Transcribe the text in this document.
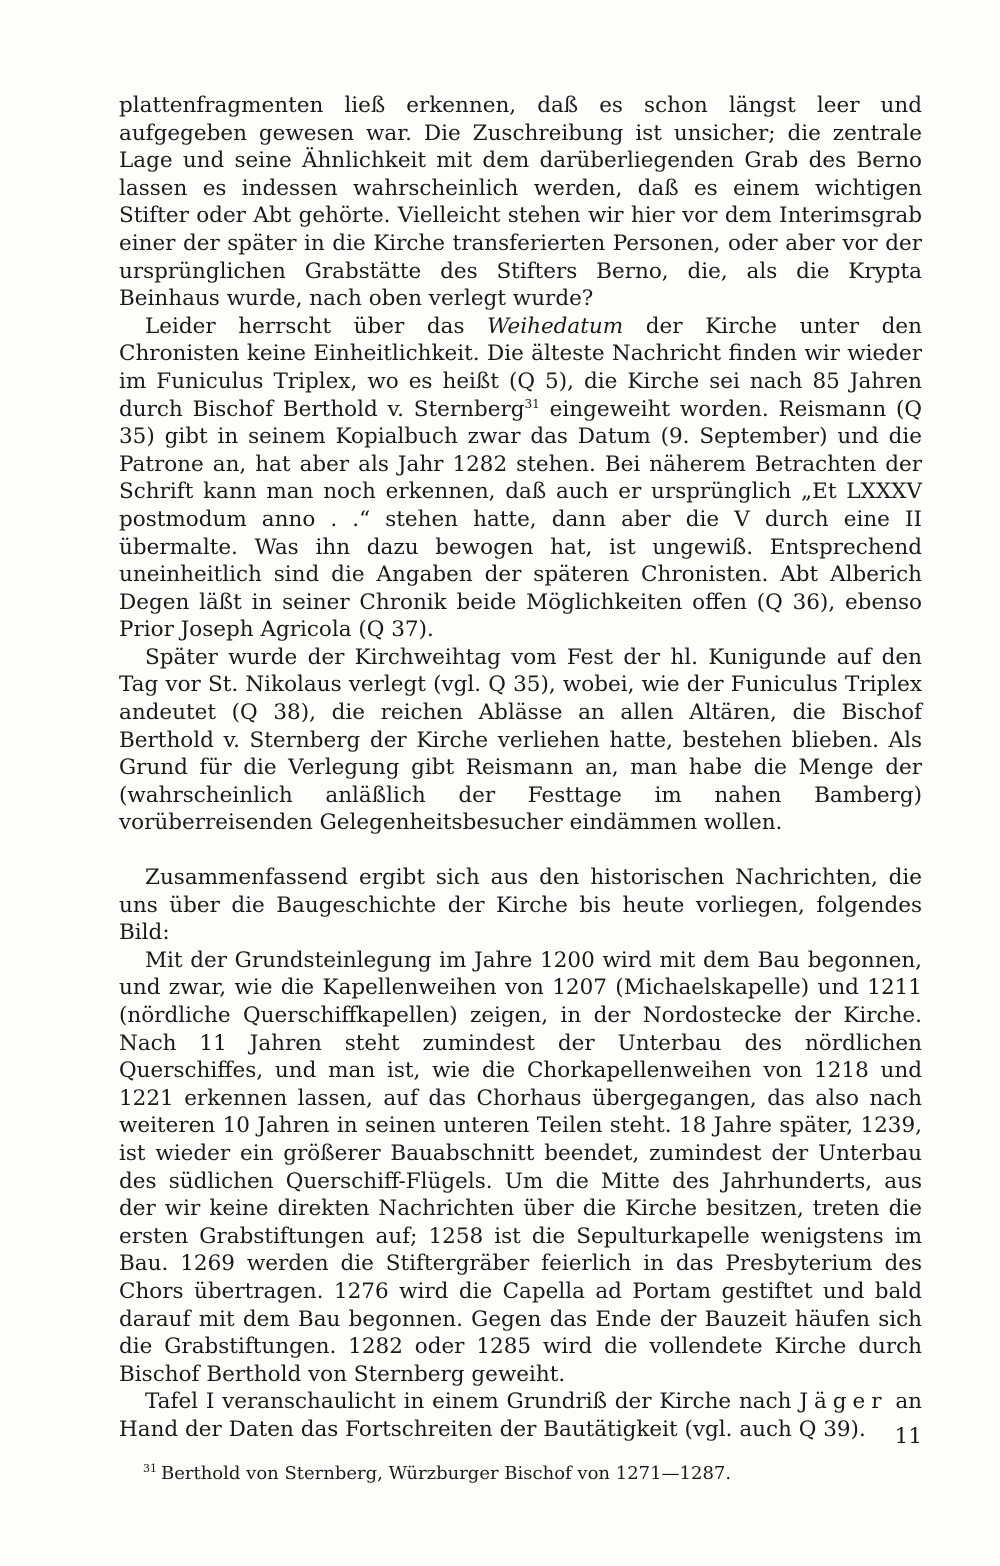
plattenfragmenten ließ erkennen, daß es schon längst leer und aufgegeben gewesen war. Die Zuschreibung ist unsicher; die zentrale Lage und seine Ähnlichkeit mit dem darüberliegenden Grab des Berno lassen es indessen wahrscheinlich werden, daß es einem wichtigen Stifter oder Abt gehörte. Vielleicht stehen wir hier vor dem Interimsgrab einer der später in die Kirche transferierten Personen, oder aber vor der ursprünglichen Grabstätte des Stifters Berno, die, als die Krypta Beinhaus wurde, nach oben verlegt wurde?

Leider herrscht über das Weihedatum der Kirche unter den Chronisten keine Einheitlichkeit. Die älteste Nachricht finden wir wieder im Funiculus Triplex, wo es heißt (Q 5), die Kirche sei nach 85 Jahren durch Bischof Berthold v. Sternberg$^{31}$ eingeweiht worden. Reismann (Q 35) gibt in seinem Kopialbuch zwar das Datum (9. September) und die Patrone an, hat aber als Jahr 1282 stehen. Bei näherem Betrachten der Schrift kann man noch erkennen, daß auch er ursprünglich „Et LXXXV postmodum anno . .“ stehen hatte, dann aber die V durch eine II übermalte. Was ihn dazu bewogen hat, ist ungewiß. Entsprechend uneinheitlich sind die Angaben der späteren Chronisten. Abt Alberich Degen läßt in seiner Chronik beide Möglichkeiten offen (Q 36), ebenso Prior Joseph Agricola (Q 37).

Später wurde der Kirchweihtag vom Fest der hl. Kunigunde auf den Tag vor St. Nikolaus verlegt (vgl. Q 35), wobei, wie der Funiculus Triplex andeutet (Q 38), die reichen Ablässe an allen Altären, die Bischof Berthold v. Sternberg der Kirche verliehen hatte, bestehen blieben. Als Grund für die Verlegung gibt Reismann an, man habe die Menge der (wahrscheinlich anläßlich der Festtage im nahen Bamberg) vorüberreisenden Gelegenheitsbesucher eindämmen wollen.

Zusammenfassend ergibt sich aus den historischen Nachrichten, die uns über die Baugeschichte der Kirche bis heute vorliegen, folgendes Bild:

Mit der Grundsteinlegung im Jahre 1200 wird mit dem Bau begonnen, und zwar, wie die Kapellenweihen von 1207 (Michaelskapelle) und 1211 (nördliche Querschiffkapellen) zeigen, in der Nordostecke der Kirche. Nach 11 Jahren steht zumindest der Unterbau des nördlichen Querschiffes, und man ist, wie die Chorkapellenweihen von 1218 und 1221 erkennen lassen, auf das Chorhaus übergegangen, das also nach weiteren 10 Jahren in seinen unteren Teilen steht. 18 Jahre später, 1239, ist wieder ein größerer Bauabschnitt beendet, zumindest der Unterbau des südlichen Querschiff-Flügels. Um die Mitte des Jahrhunderts, aus der wir keine direkten Nachrichten über die Kirche besitzen, treten die ersten Grabstiftungen auf; 1258 ist die Sepulturkapelle wenigstens im Bau. 1269 werden die Stiftergräber feierlich in das Presbyterium des Chors übertragen. 1276 wird die Capella ad Portam gestiftet und bald darauf mit dem Bau begonnen. Gegen das Ende der Bauzeit häufen sich die Grabstiftungen. 1282 oder 1285 wird die vollendete Kirche durch Bischof Berthold von Sternberg geweiht.

Tafel I veranschaulicht in einem Grundriß der Kirche nach Jäger an Hand der Daten das Fortschreiten der Bautätigkeit (vgl. auch Q 39).

$^{31}$ Berthold von Sternberg, Würzburger Bischof von 1271—1287.
11
